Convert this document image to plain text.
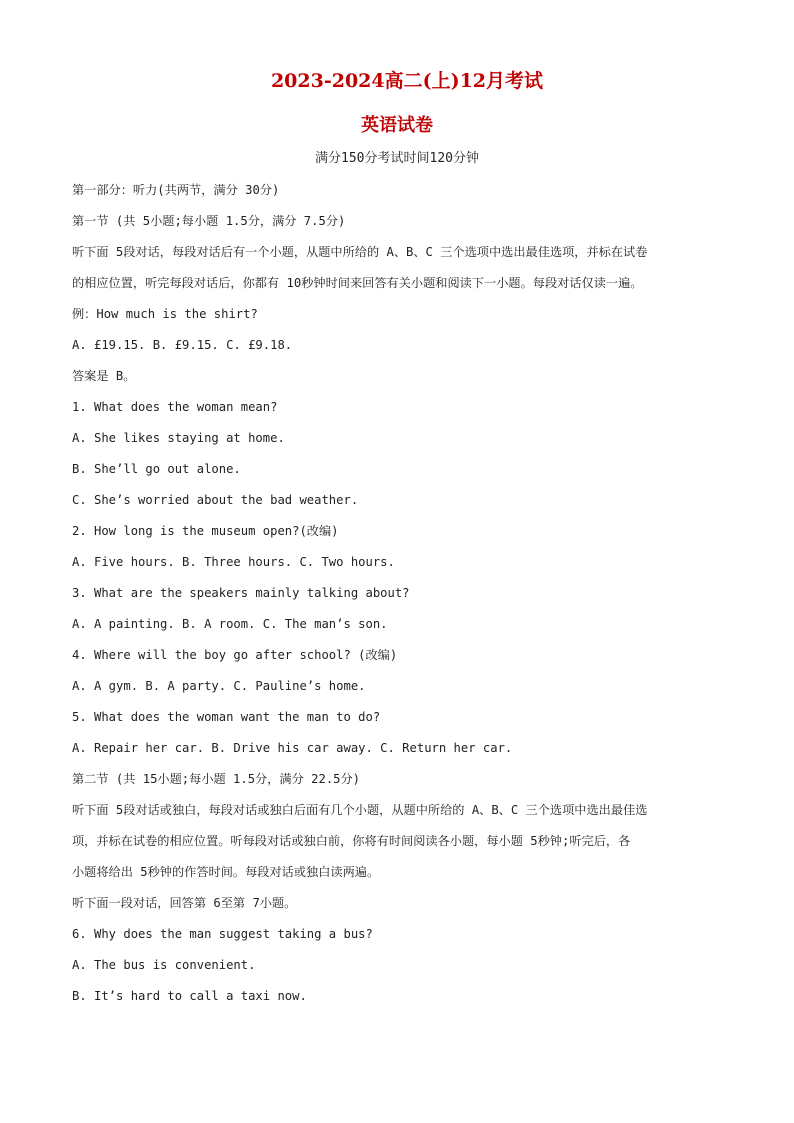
2023-2024高二(上)12月考试
英语试卷
满分150分考试时间120分钟

第一部分：听力(共两节，满分 30分)

第一节 (共 5小题;每小题 1.5分，满分 7.5分)

听下面 5段对话，每段对话后有一个小题，从题中所给的 A、B、C 三个选项中选出最佳选项，并标在试卷

的相应位置，听完每段对话后，你都有 10秒钟时间来回答有关小题和阅读下一小题。每段对话仅读一遍。

例：How much is the shirt?

A. £19.15. B. £9.15. C. £9.18.

答案是 B。

1. What does the woman mean?

A. She likes staying at home.

B. She’ll go out alone.

C. She’s worried about the bad weather.

2. How long is the museum open?(改编)

A. Five hours. B. Three hours. C. Two hours.

3. What are the speakers mainly talking about?

A. A painting. B. A room. C. The man’s son.

4. Where will the boy go after school? (改编)

A. A gym. B. A party. C. Pauline’s home.

5. What does the woman want the man to do?

A. Repair her car. B. Drive his car away. C. Return her car.

第二节 (共 15小题;每小题 1.5分，满分 22.5分)

听下面 5段对话或独白，每段对话或独白后面有几个小题，从题中所给的 A、B、C 三个选项中选出最佳选

项，并标在试卷的相应位置。听每段对话或独白前，你将有时间阅读各小题，每小题 5秒钟;听完后，各

小题将给出 5秒钟的作答时间。每段对话或独白读两遍。

听下面一段对话，回答第 6至第 7小题。

6. Why does the man suggest taking a bus?

A. The bus is convenient.

B. It’s hard to call a taxi now.
